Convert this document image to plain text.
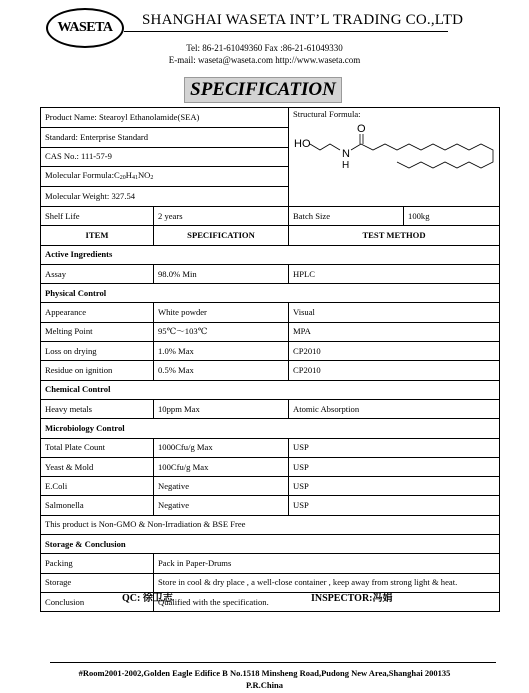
WASETA	SHANGHAI WASETA INT’L TRADING CO.,LTD
Tel: 86-21-61049360 Fax :86-21-61049330
E-mail: waseta@waseta.com http://www.waseta.com
SPECIFICATION
Product Name: Stearoyl Ethanolamide(SEA)		Structural Formula:
HO
N
H
O	

Standard: Enterprise Standard			
CAS No.: 111-57-9			
Molecular $Formula:C_{20}H_{41}NO_2$
Molecular Weight: 327.54			
Shelf Life	2 years	Batch Size	100kg
ITEM	SPECIFICATION	TEST METHOD	
Active Ingredients			
Assay	98.0% Min	HPLC	
Physical Control			
Appearance	White powder	Visual	
Melting Point	95℃～103℃	MPA	
Loss on drying	1.0% Max	CP2010	
Residue on ignition	0.5% Max	CP2010	
Chemical Control			
Heavy metals	10ppm Max	Atomic Absorption	
Microbiology Control			
Total Plate Count	1000Cfu/g Max	USP	
Yeast & Mold	100Cfu/g Max	USP	
E.Coli	Negative	USP	
Salmonella	Negative	USP	
This product is Non-GMO & Non-Irradiation & BSE Free			
Storage & Conclusion			
Packing	Pack in Paper-Drums		
Storage	Store in cool & dry place , a well-close container , keep away from strong light & heat.		
Conclusion	Qualified with the specification.		
QC: 徐卫志	INSPECTOR:冯娟
#Room2001-2002,Golden Eagle Edifice B No.1518 Minsheng Road,Pudong New Area,Shanghai 200135
P.R.China
